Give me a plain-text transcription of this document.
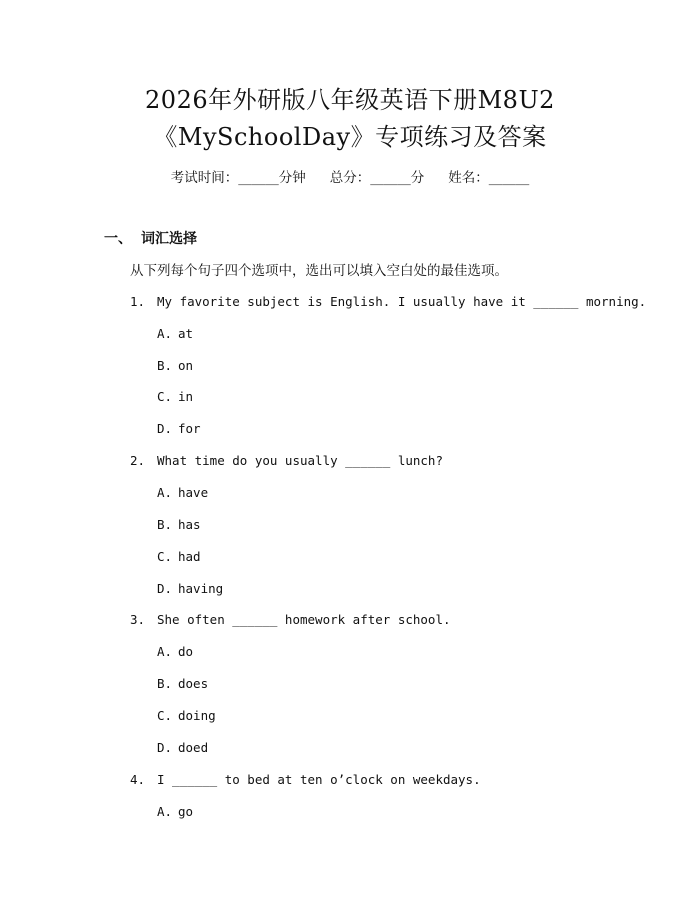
2026年外研版八年级英语下册M8U2
《MySchoolDay》专项练习及答案
考试时间：______分钟 总分：______分 姓名：______
一、 词汇选择
从下列每个句子四个选项中，选出可以填入空白处的最佳选项。
1. My favorite subject is English. I usually have it ______ morning.
A. at
B. on
C. in
D. for
2. What time do you usually ______ lunch?
A. have
B. has
C. had
D. having
3. She often ______ homework after school.
A. do
B. does
C. doing
D. doed
4. I ______ to bed at ten o’clock on weekdays.
A. go
